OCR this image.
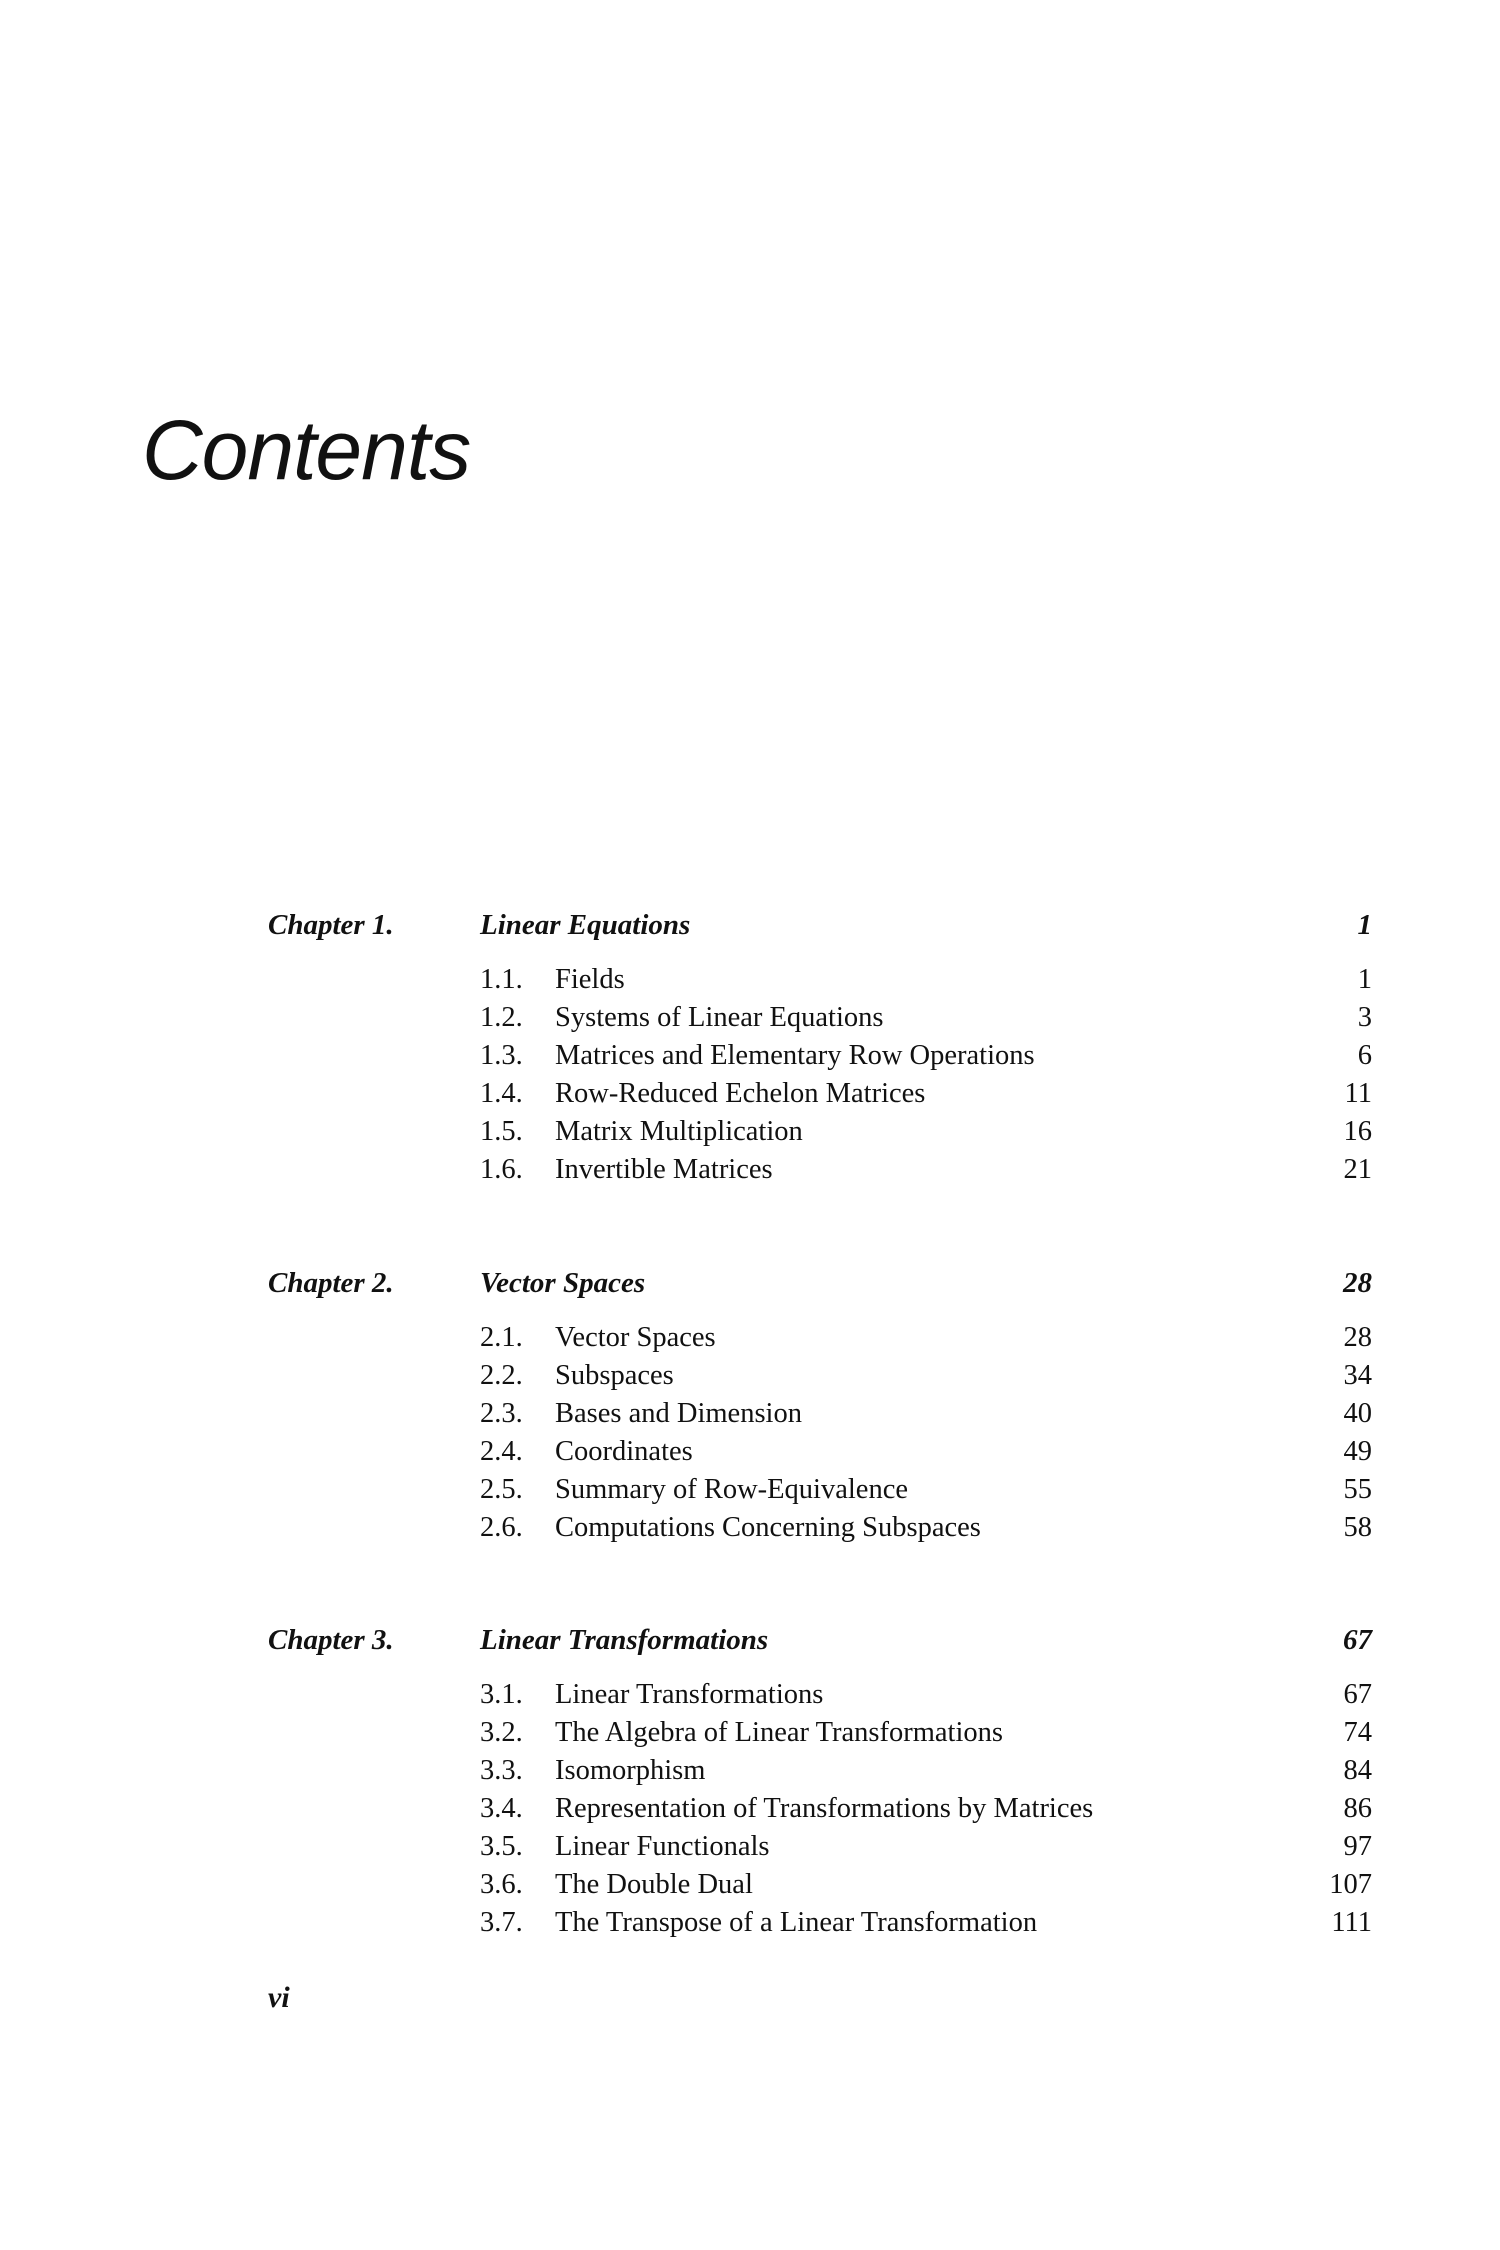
Contents
Chapter 1.	Linear Equations	1
1.1. Fields	1
1.2. Systems of Linear Equations	3
1.3. Matrices and Elementary Row Operations	6
1.4. Row-Reduced Echelon Matrices	11
1.5. Matrix Multiplication	16
1.6. Invertible Matrices	21
Chapter 2.	Vector Spaces	28
2.1. Vector Spaces	28
2.2. Subspaces	34
2.3. Bases and Dimension	40
2.4. Coordinates	49
2.5. Summary of Row-Equivalence	55
2.6. Computations Concerning Subspaces	58
Chapter 3.	Linear Transformations	67
3.1. Linear Transformations	67
3.2. The Algebra of Linear Transformations	74
3.3. Isomorphism	84
3.4. Representation of Transformations by Matrices	86
3.5. Linear Functionals	97
3.6. The Double Dual	107
3.7. The Transpose of a Linear Transformation	111
vi
